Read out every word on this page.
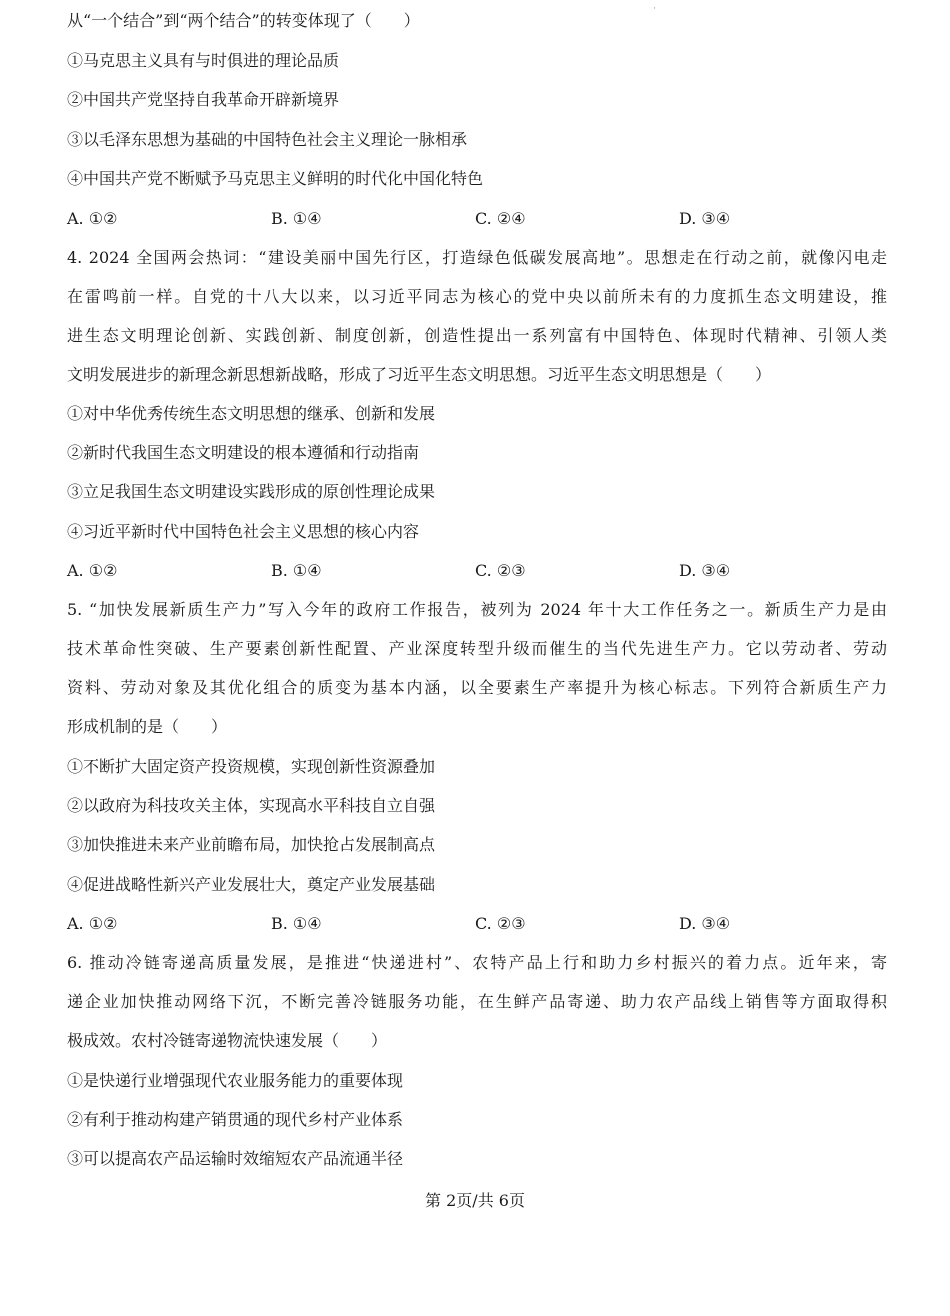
˙
从“一个结合”到“两个结合”的转变体现了（　　）
①马克思主义具有与时俱进的理论品质
②中国共产党坚持自我革命开辟新境界
③以毛泽东思想为基础的中国特色社会主义理论一脉相承
④中国共产党不断赋予马克思主义鲜明的时代化中国化特色
A. ①②	B. ①④	C. ②④	D. ③④
4. 2024 全国两会热词：“建设美丽中国先行区，打造绿色低碳发展高地”。思想走在行动之前，就像闪电走
在雷鸣前一样。自党的十八大以来，以习近平同志为核心的党中央以前所未有的力度抓生态文明建设，推
进生态文明理论创新、实践创新、制度创新，创造性提出一系列富有中国特色、体现时代精神、引领人类
文明发展进步的新理念新思想新战略，形成了习近平生态文明思想。习近平生态文明思想是（　　）
①对中华优秀传统生态文明思想的继承、创新和发展
②新时代我国生态文明建设的根本遵循和行动指南
③立足我国生态文明建设实践形成的原创性理论成果
④习近平新时代中国特色社会主义思想的核心内容
A. ①②	B. ①④	C. ②③	D. ③④
5. “加快发展新质生产力”写入今年的政府工作报告，被列为 2024 年十大工作任务之一。新质生产力是由
技术革命性突破、生产要素创新性配置、产业深度转型升级而催生的当代先进生产力。它以劳动者、劳动
资料、劳动对象及其优化组合的质变为基本内涵，以全要素生产率提升为核心标志。下列符合新质生产力
形成机制的是（　　）
①不断扩大固定资产投资规模，实现创新性资源叠加
②以政府为科技攻关主体，实现高水平科技自立自强
③加快推进未来产业前瞻布局，加快抢占发展制高点
④促进战略性新兴产业发展壮大，奠定产业发展基础
A. ①②	B. ①④	C. ②③	D. ③④
6. 推动冷链寄递高质量发展，是推进“快递进村”、农特产品上行和助力乡村振兴的着力点。近年来，寄
递企业加快推动网络下沉，不断完善冷链服务功能，在生鲜产品寄递、助力农产品线上销售等方面取得积
极成效。农村冷链寄递物流快速发展（　　）
①是快递行业增强现代农业服务能力的重要体现
②有利于推动构建产销贯通的现代乡村产业体系
③可以提高农产品运输时效缩短农产品流通半径
第 2页/共 6页
